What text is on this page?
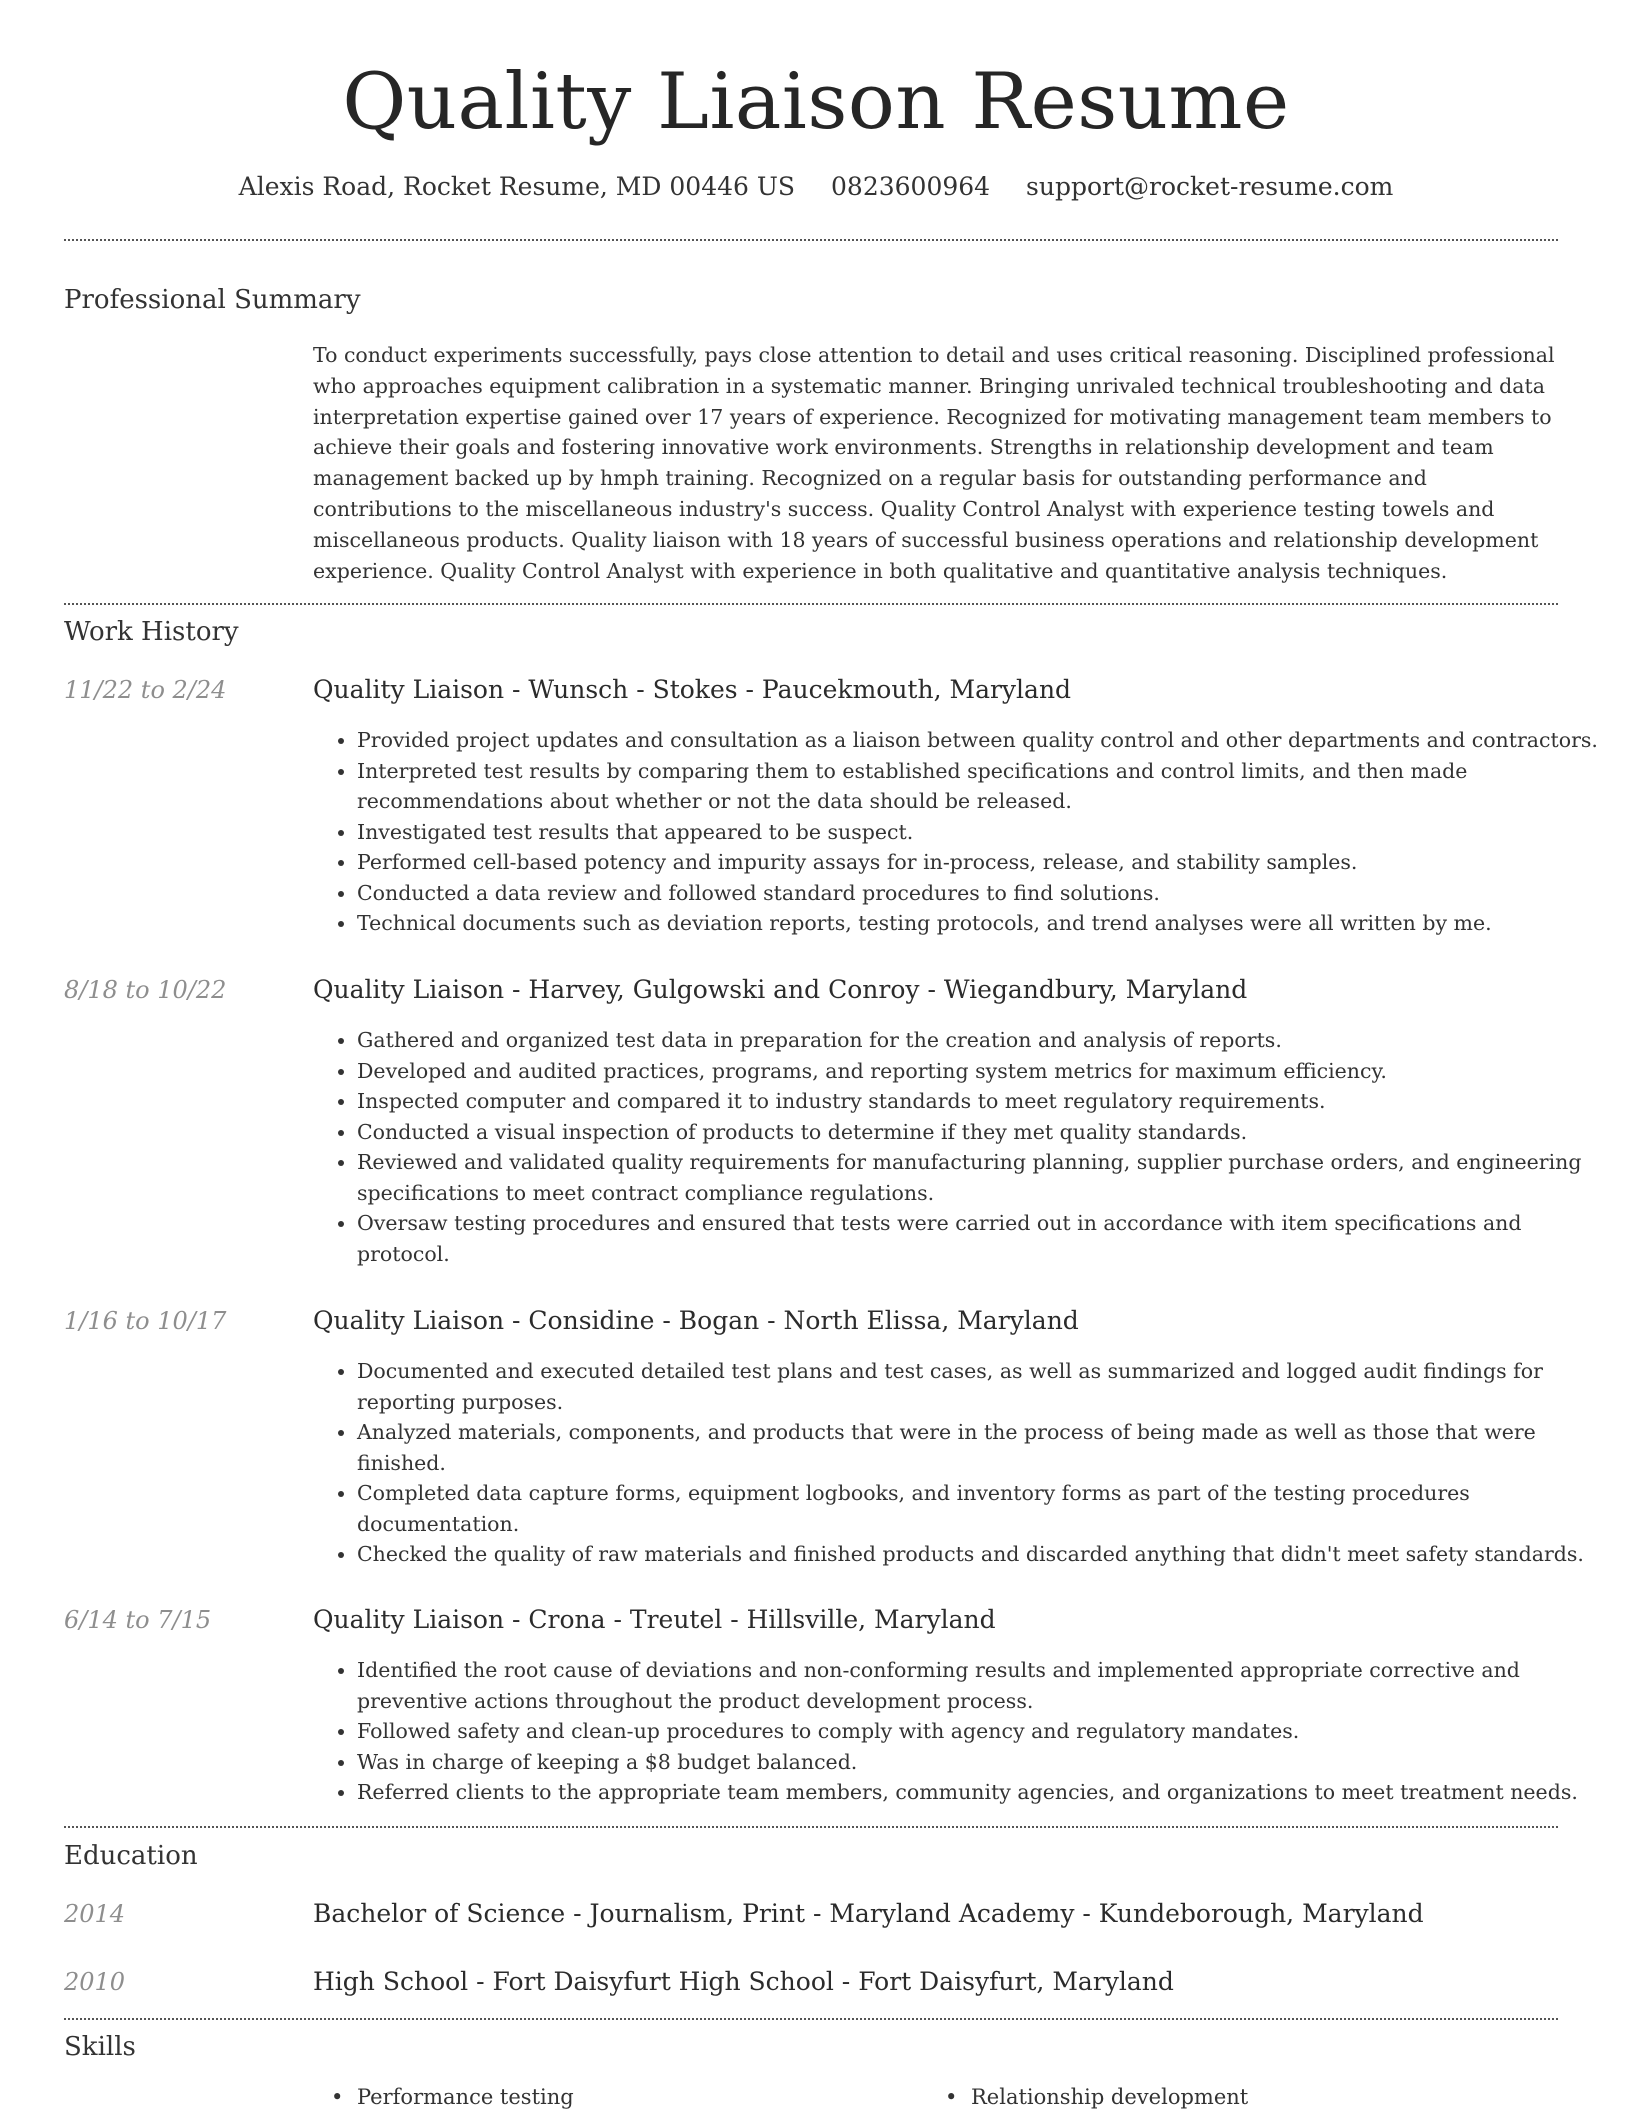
Quality Liaison Resume
Alexis Road, Rocket Resume, MD 00446 US 0823600964 support@rocket-resume.com
Professional Summary

To conduct experiments successfully, pays close attention to detail and uses critical reasoning. Disciplined professional who approaches equipment calibration in a systematic manner. Bringing unrivaled technical troubleshooting and data interpretation expertise gained over 17 years of experience. Recognized for motivating management team members to achieve their goals and fostering innovative work environments. Strengths in relationship development and team management backed up by hmph training. Recognized on a regular basis for outstanding performance and contributions to the miscellaneous industry's success. Quality Control Analyst with experience testing towels and miscellaneous products. Quality liaison with 18 years of successful business operations and relationship development experience. Quality Control Analyst with experience in both qualitative and quantitative analysis techniques.

Work History
11/22 to 2/24	Quality Liaison - Wunsch - Stokes - Paucekmouth, Maryland
• Provided project updates and consultation as a liaison between quality control and other departments and contractors.
• Interpreted test results by comparing them to established specifications and control limits, and then made recommendations about whether or not the data should be released.
• Investigated test results that appeared to be suspect.
• Performed cell-based potency and impurity assays for in-process, release, and stability samples.
• Conducted a data review and followed standard procedures to find solutions.
• Technical documents such as deviation reports, testing protocols, and trend analyses were all written by me.
8/18 to 10/22	Quality Liaison - Harvey, Gulgowski and Conroy - Wiegandbury, Maryland
• Gathered and organized test data in preparation for the creation and analysis of reports.
• Developed and audited practices, programs, and reporting system metrics for maximum efficiency.
• Inspected computer and compared it to industry standards to meet regulatory requirements.
• Conducted a visual inspection of products to determine if they met quality standards.
• Reviewed and validated quality requirements for manufacturing planning, supplier purchase orders, and engineering specifications to meet contract compliance regulations.
• Oversaw testing procedures and ensured that tests were carried out in accordance with item specifications and protocol.
1/16 to 10/17	Quality Liaison - Considine - Bogan - North Elissa, Maryland
• Documented and executed detailed test plans and test cases, as well as summarized and logged audit findings for reporting purposes.
• Analyzed materials, components, and products that were in the process of being made as well as those that were finished.
• Completed data capture forms, equipment logbooks, and inventory forms as part of the testing procedures documentation.
• Checked the quality of raw materials and finished products and discarded anything that didn't meet safety standards.
6/14 to 7/15	Quality Liaison - Crona - Treutel - Hillsville, Maryland
• Identified the root cause of deviations and non-conforming results and implemented appropriate corrective and preventive actions throughout the product development process.
• Followed safety and clean-up procedures to comply with agency and regulatory mandates.
• Was in charge of keeping a $8 budget balanced.
• Referred clients to the appropriate team members, community agencies, and organizations to meet treatment needs.
Education
2014	Bachelor of Science - Journalism, Print - Maryland Academy - Kundeborough, Maryland
2010	High School - Fort Daisyfurt High School - Fort Daisyfurt, Maryland
Skills
• Performance testing
•	Relationship development
